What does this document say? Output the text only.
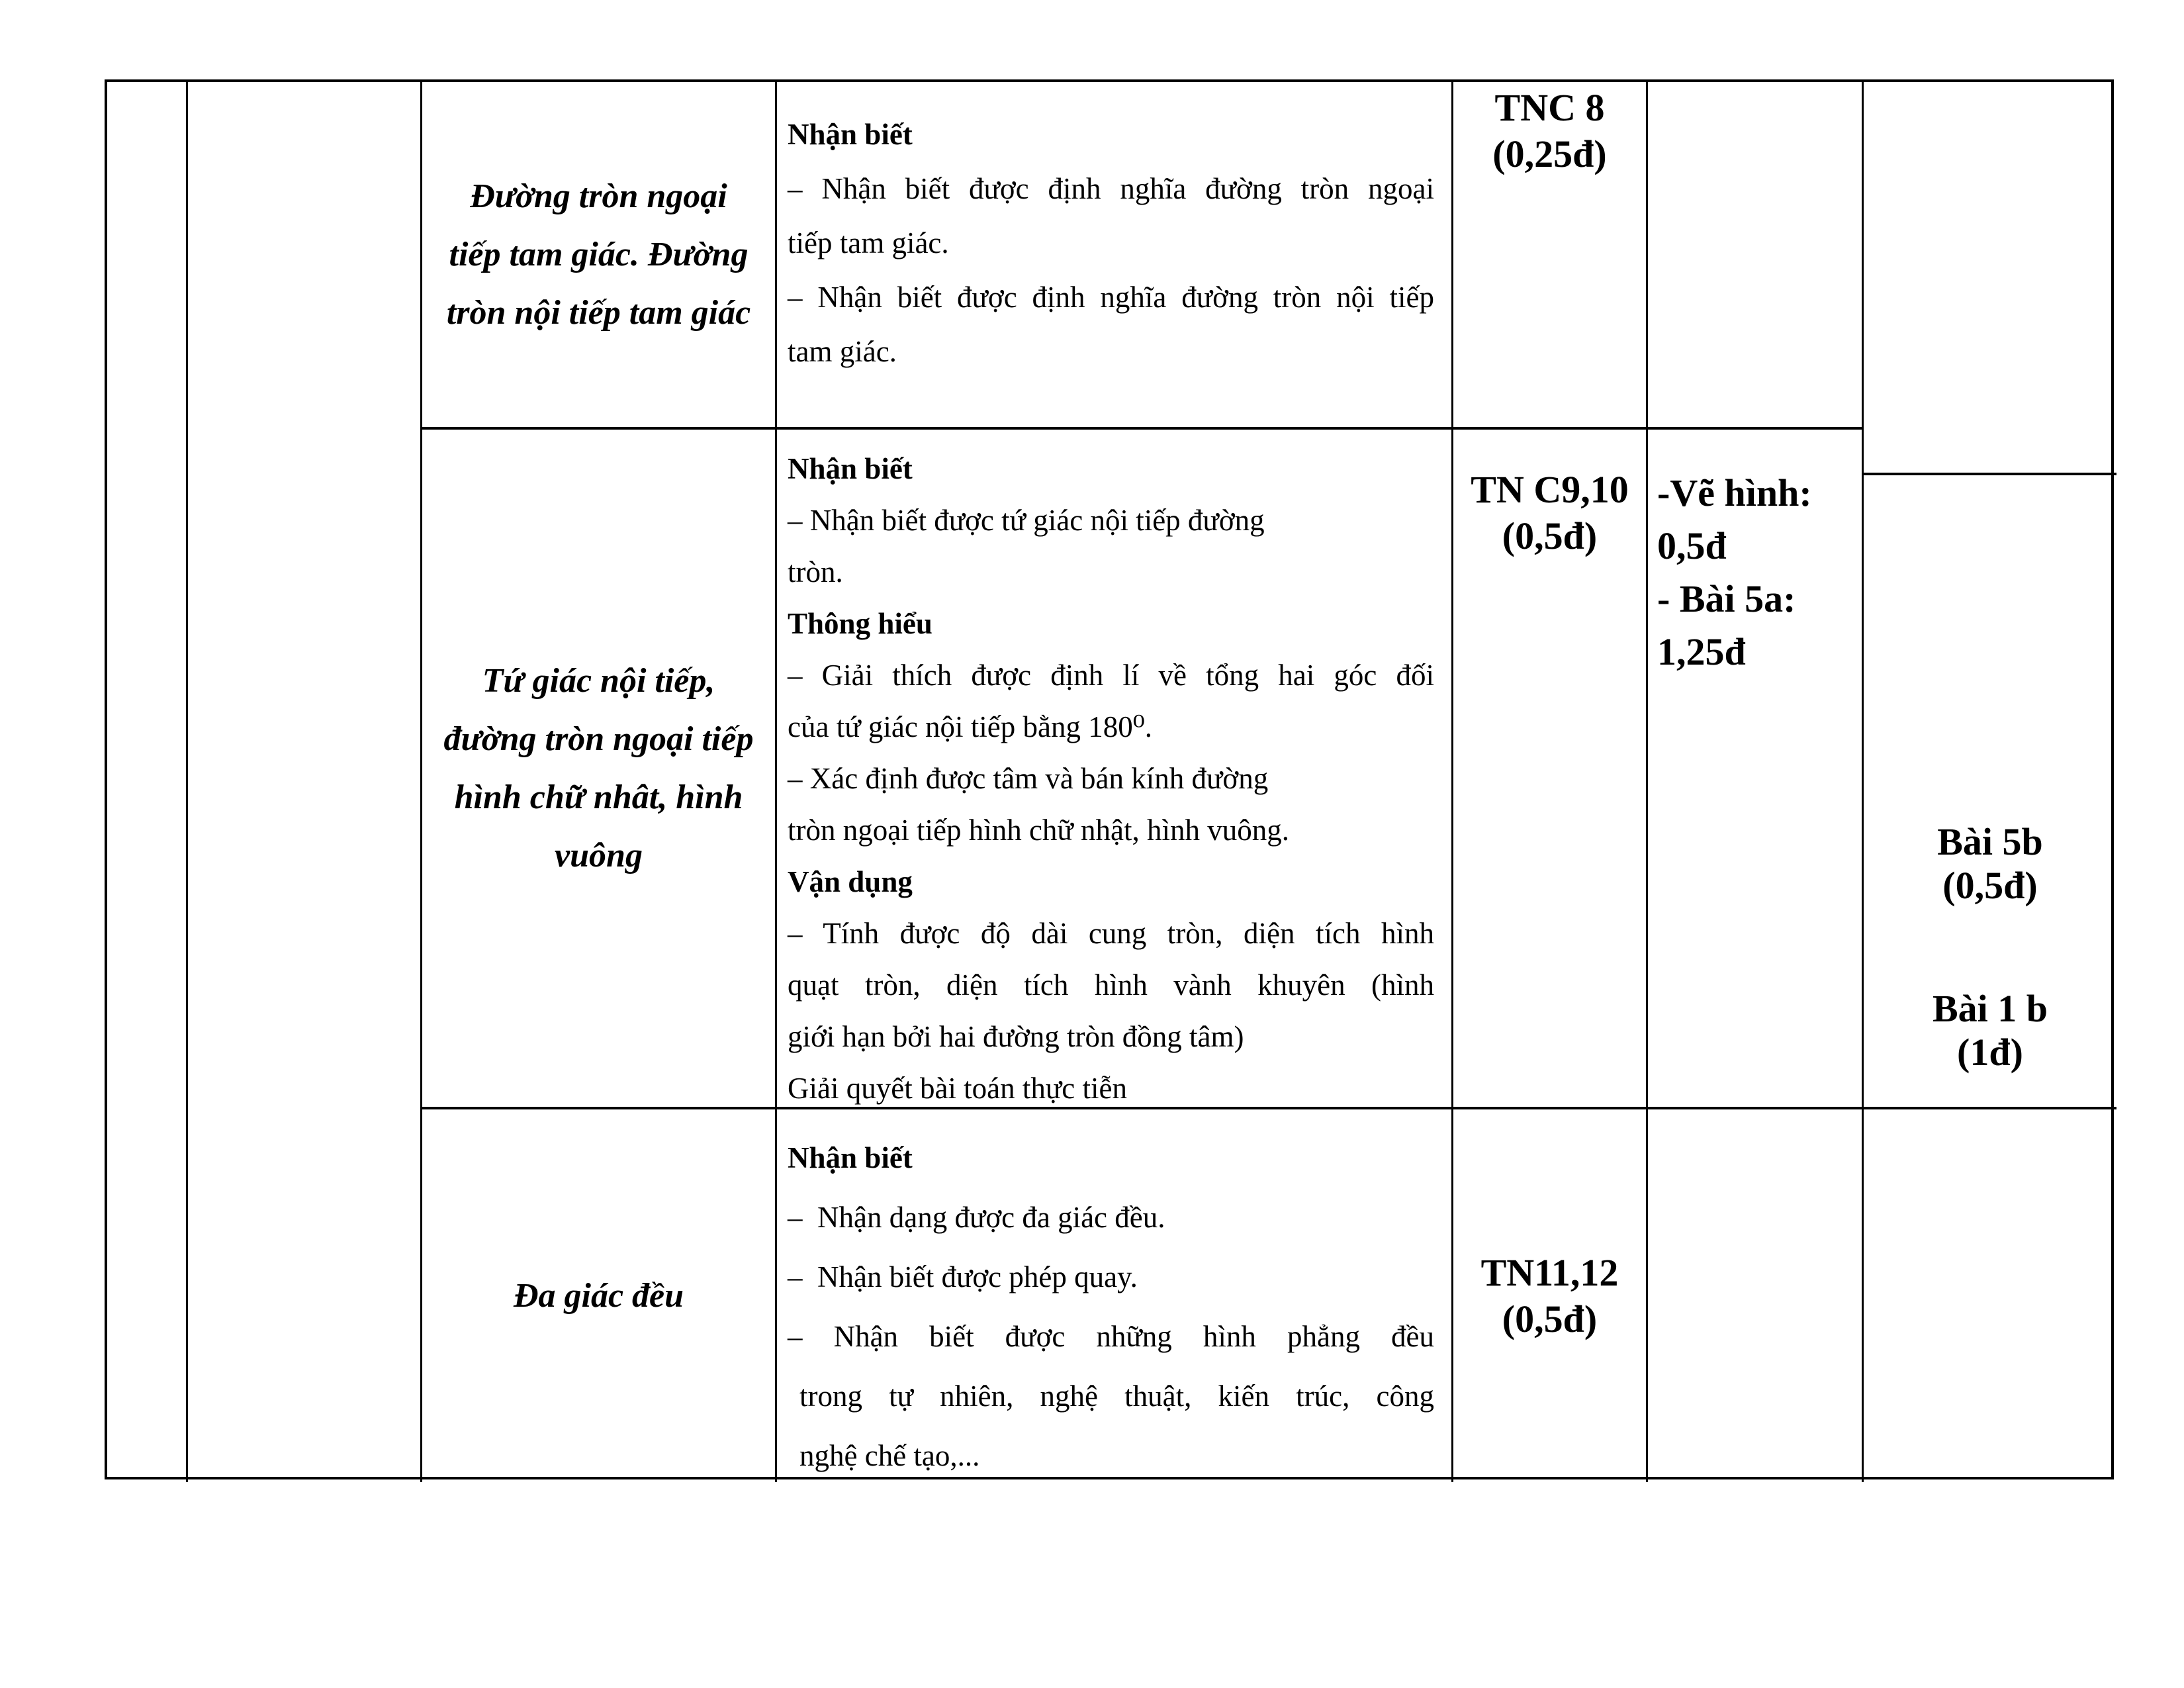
Đường tròn ngoại
tiếp tam giác. Đường
tròn nội tiếp tam giác
Nhận biết
– Nhận biết được định nghĩa đường tròn ngoại
tiếp tam giác.
– Nhận biết được định nghĩa đường tròn nội tiếp
tam giác.
TNC 8
(0,25đ)
Tứ giác nội tiếp,
đường tròn ngoại tiếp
hình chữ nhât, hình
vuông
Nhận biết
– Nhận biết được tứ giác nội tiếp đường
tròn.
Thông hiểu
– Giải thích được định lí về tổng hai góc đối
của tứ giác nội tiếp bằng 180⁰.
– Xác định được tâm và bán kính đường
tròn ngoại tiếp hình chữ nhật, hình vuông.
Vận dụng
– Tính được độ dài cung tròn, diện tích hình
quạt tròn, diện tích hình vành khuyên (hình
giới hạn bởi hai đường tròn đồng tâm)
Giải quyết bài toán thực tiễn
TN C9,10
(0,5đ)
-Vẽ hình:
0,5đ
- Bài 5a:
1,25đ
Bài 5b
(0,5đ)
Bài 1 b
(1đ)
Đa giác đều
Nhận biết
–  Nhận dạng được đa giác đều.
–  Nhận biết được phép quay.
– Nhận biết được những hình phẳng đều
trong tự nhiên, nghệ thuật, kiến trúc, công
nghệ chế tạo,...
TN11,12
(0,5đ)
